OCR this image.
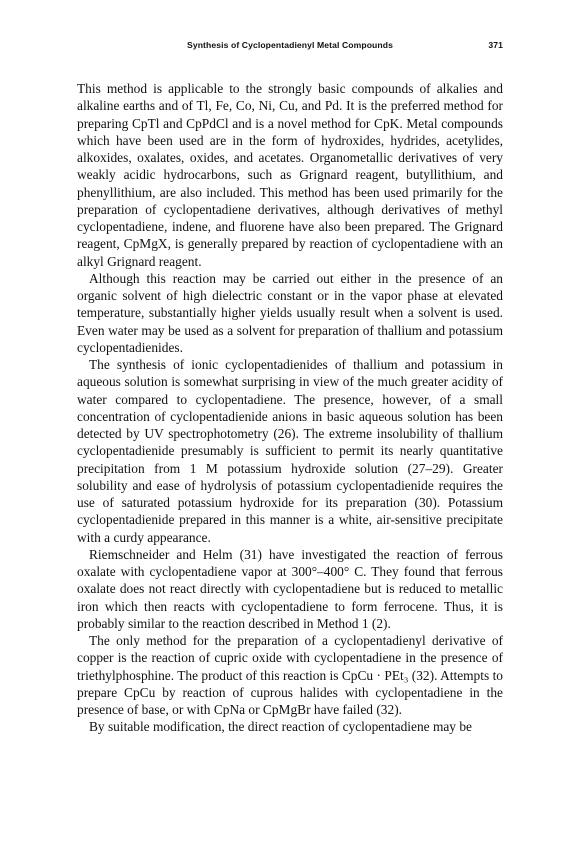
Synthesis of Cyclopentadienyl Metal Compounds	371

This method is applicable to the strongly basic compounds of alkalies and alkaline earths and of Tl, Fe, Co, Ni, Cu, and Pd. It is the preferred method for preparing CpTl and CpPdCl and is a novel method for CpK. Metal compounds which have been used are in the form of hydroxides, hydrides, acetylides, alkoxides, oxalates, oxides, and acetates. Organometallic derivatives of very weakly acidic hydrocarbons, such as Grignard reagent, butyllithium, and phenyllithium, are also included. This method has been used primarily for the preparation of cyclopentadiene derivatives, although derivatives of methyl cyclopentadiene, indene, and fluorene have also been prepared. The Grignard reagent, CpMgX, is generally prepared by reaction of cyclopentadiene with an alkyl Grignard reagent.

Although this reaction may be carried out either in the presence of an organic solvent of high dielectric constant or in the vapor phase at elevated temperature, substantially higher yields usually result when a solvent is used. Even water may be used as a solvent for preparation of thallium and potassium cyclopentadienides.

The synthesis of ionic cyclopentadienides of thallium and potassium in aqueous solution is somewhat surprising in view of the much greater acidity of water compared to cyclopentadiene. The presence, however, of a small concentration of cyclopentadienide anions in basic aqueous solution has been detected by UV spectrophotometry (26). The extreme insolubility of thallium cyclopentadienide presumably is sufficient to permit its nearly quantitative precipitation from 1 M potassium hydroxide solution (27–29). Greater solubility and ease of hydrolysis of potassium cyclopentadienide requires the use of saturated potassium hydroxide for its preparation (30). Potassium cyclopentadienide prepared in this manner is a white, air-sensitive precipitate with a curdy appearance.

Riemschneider and Helm (31) have investigated the reaction of ferrous oxalate with cyclopentadiene vapor at 300°–400° C. They found that ferrous oxalate does not react directly with cyclopentadiene but is reduced to metallic iron which then reacts with cyclopentadiene to form ferrocene. Thus, it is probably similar to the reaction described in Method 1 (2).

The only method for the preparation of a cyclopentadienyl derivative of copper is the reaction of cupric oxide with cyclopentadiene in the presence of triethylphosphine. The product of this reaction is CpCu · PEt₃ (32). Attempts to prepare CpCu by reaction of cuprous halides with cyclopentadiene in the presence of base, or with CpNa or CpMgBr have failed (32).

By suitable modification, the direct reaction of cyclopentadiene may be
